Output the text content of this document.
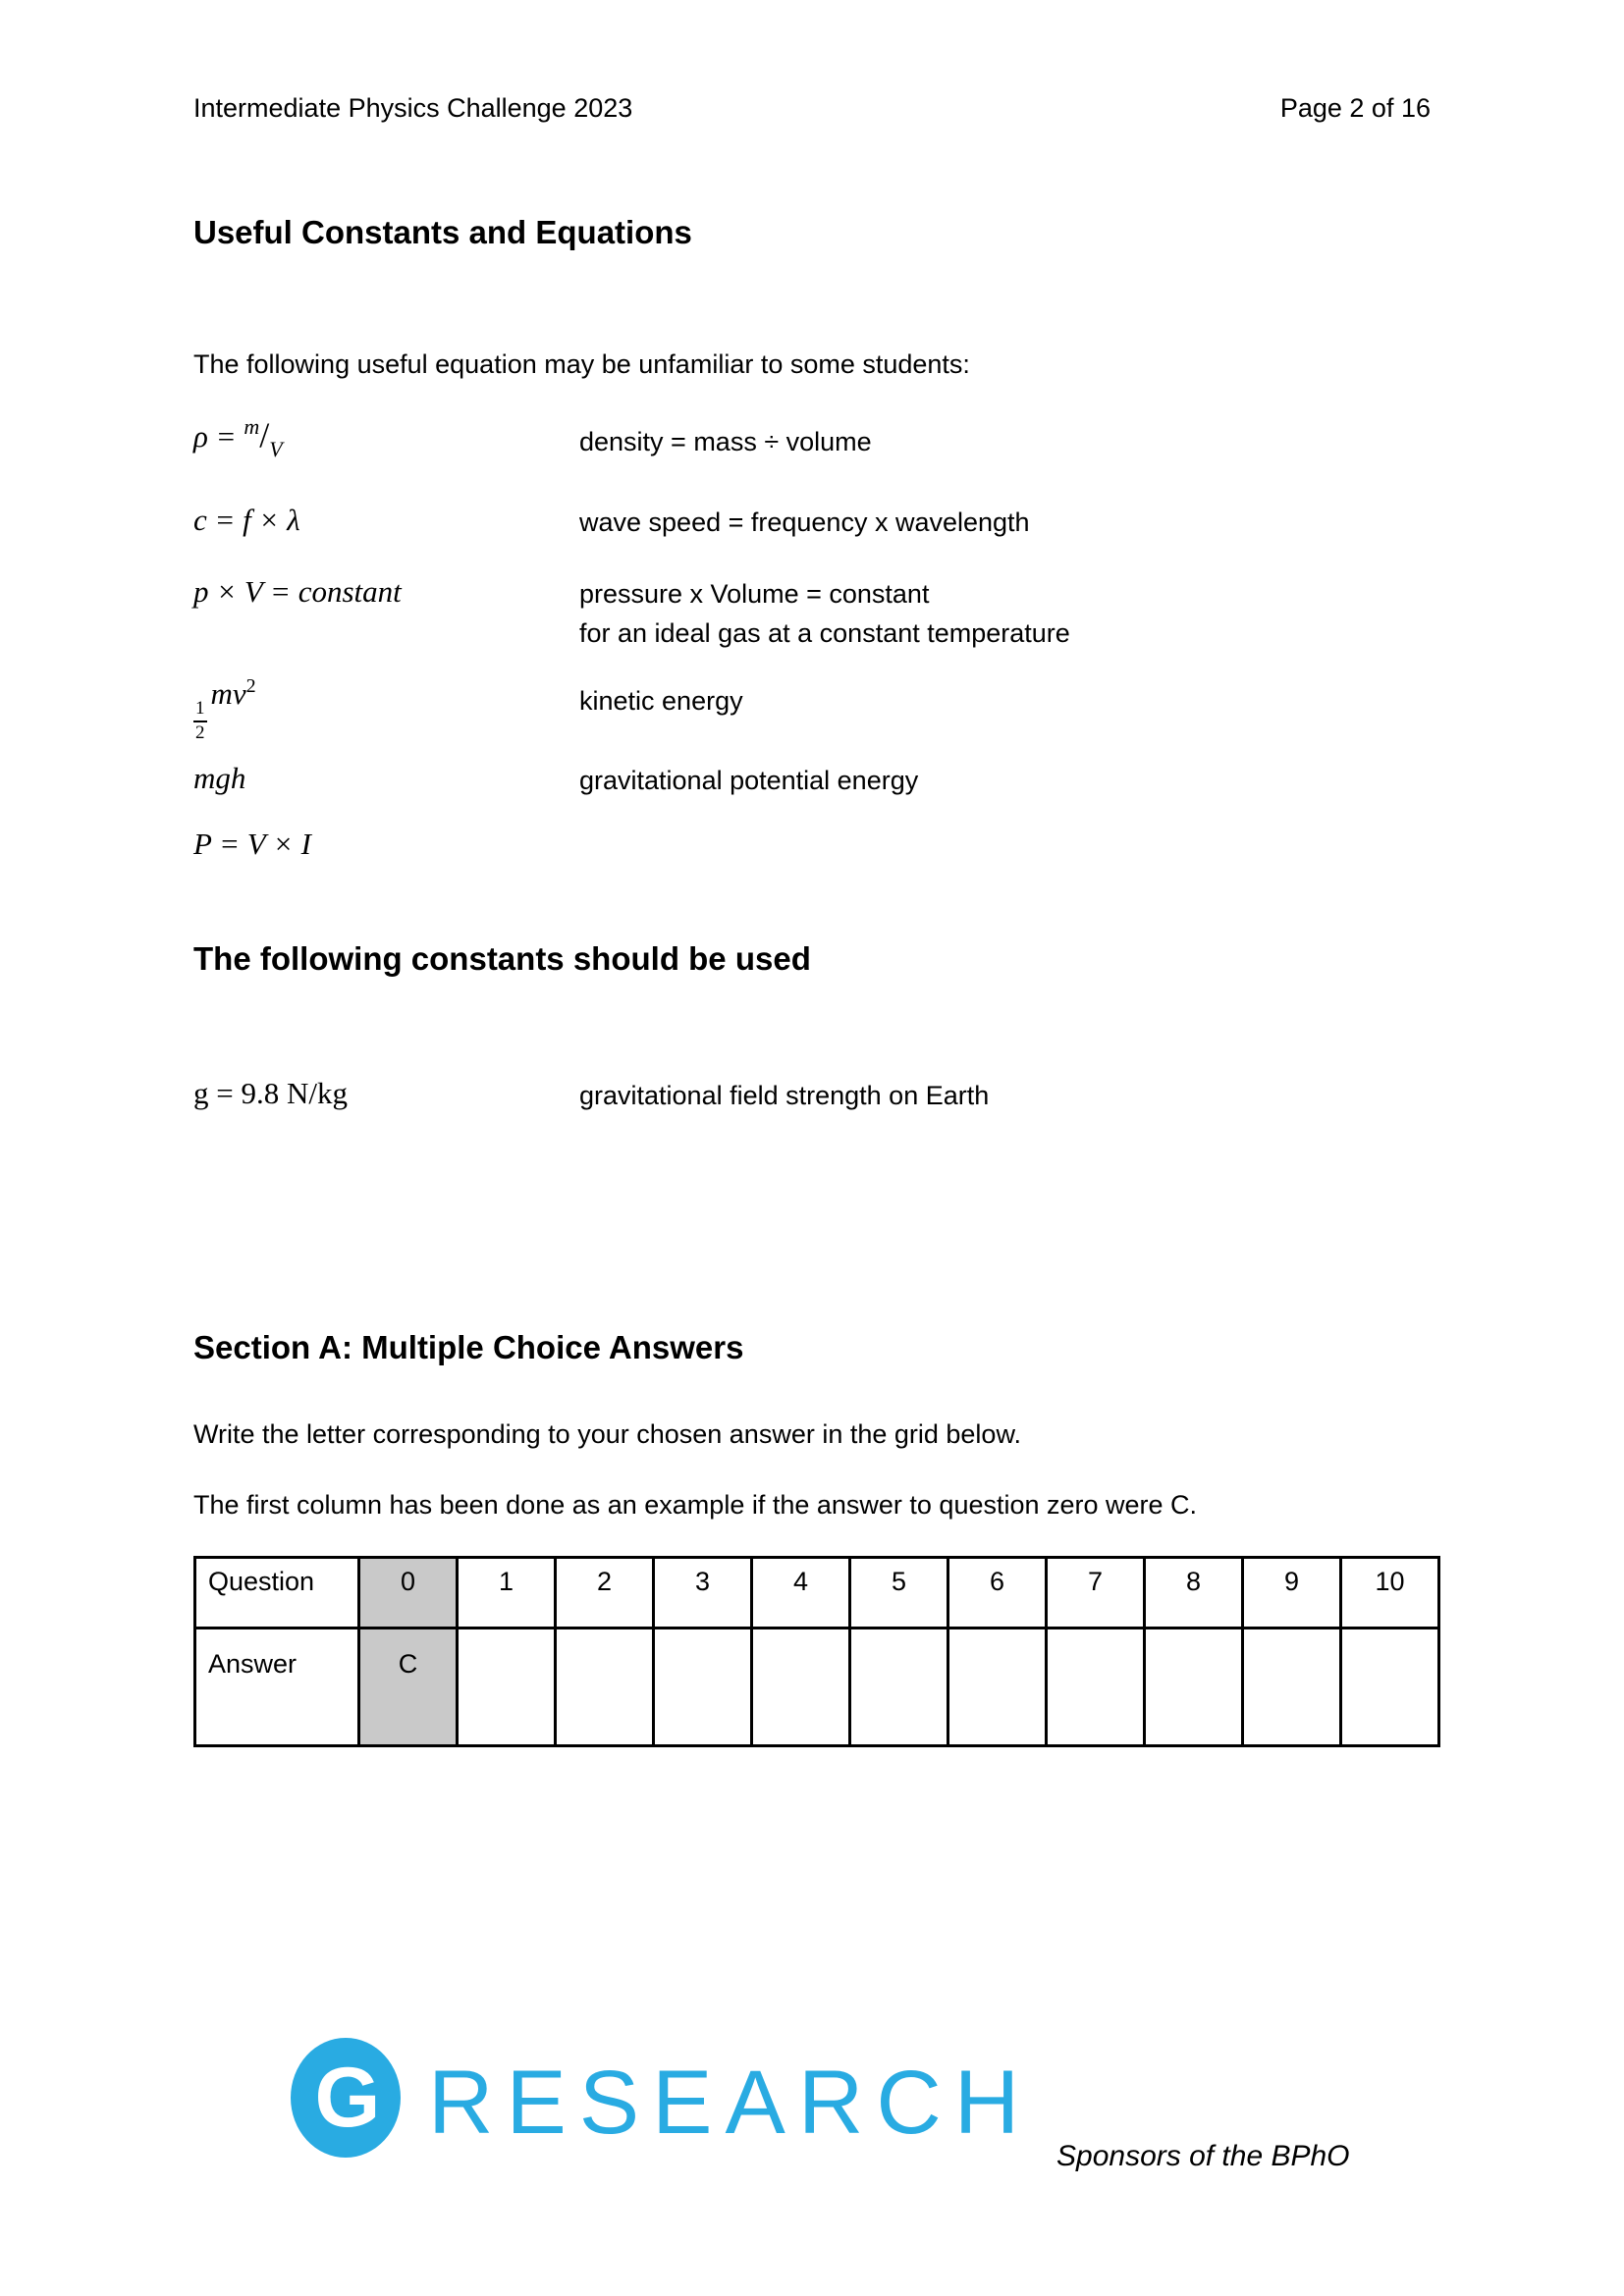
Intermediate Physics Challenge 2023	Page 2 of 16
Useful Constants and Equations
The following useful equation may be unfamiliar to some students:
$\rho = ^m/_V$	density = mass ÷ volume
c = f × λ	wave speed = frequency x wavelength
p × V = constant	pressure x Volume = constant
for an ideal gas at a constant temperature
$\frac{1}{2}$
$mv^2$	kinetic energy
mgh	gravitational potential energy
P = V × I
The following constants should be used
g = 9.8 N/kg	gravitational field strength on Earth
Section A: Multiple Choice Answers
Write the letter corresponding to your chosen answer in the grid below.
The first column has been done as an example if the answer to question zero were C.
Question	0	1	2	3	4	5	6	7	8	9	10
Answer	C										
G RESEARCH
Sponsors of the BPhO
